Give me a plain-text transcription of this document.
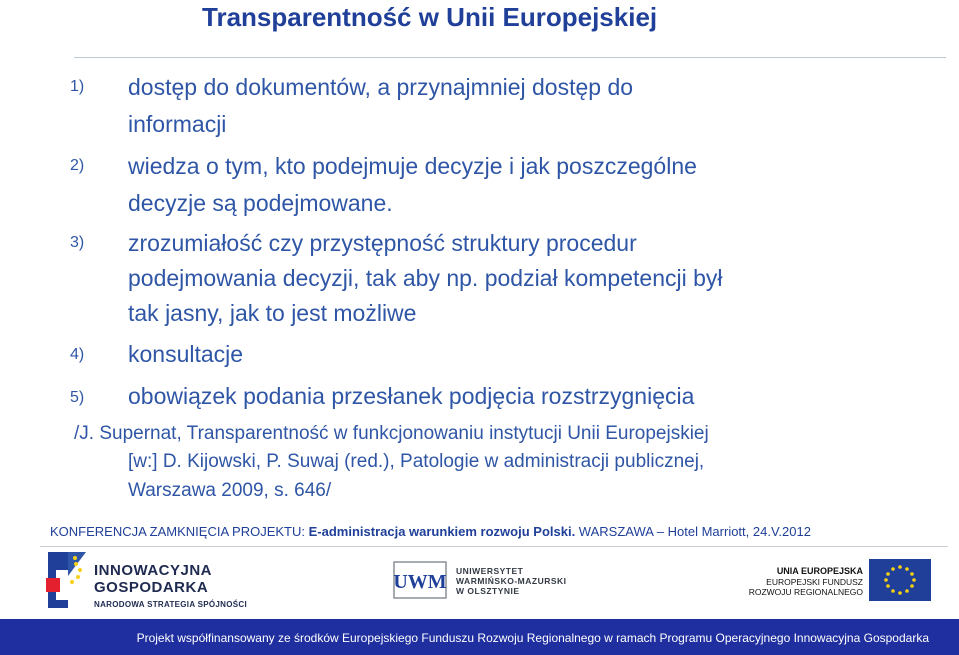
Transparentność w Unii Europejskiej
1) dostęp do dokumentów, a przynajmniej dostęp do
informacji
2) wiedza o tym, kto podejmuje decyzje i jak poszczególne
decyzje są podejmowane.
3) zrozumiałość czy przystępność struktury procedur
podejmowania decyzji, tak aby np. podział kompetencji był
tak jasny, jak to jest możliwe
4) konsultacje
5) obowiązek podania przesłanek podjęcia rozstrzygnięcia
/J. Supernat, Transparentność w funkcjonowaniu instytucji Unii Europejskiej
[w:] D. Kijowski, P. Suwaj (red.), Patologie w administracji publicznej,
Warszawa 2009, s. 646/
KONFERENCJA ZAMKNIĘCIA PROJEKTU: E-administracja warunkiem rozwoju Polski. WARSZAWA – Hotel Marriott, 24.V.2012
INNOWACYJNA
GOSPODARKA
NARODOWA STRATEGIA SPÓJNOŚCI
UWM UNIWERSYTET
WARMIŃSKO-MAZURSKI
W OLSZTYNIE
UNIA EUROPEJSKA
EUROPEJSKI FUNDUSZ
ROZWOJU REGIONALNEGO
Projekt współfinansowany ze środków Europejskiego Funduszu Rozwoju Regionalnego w ramach Programu Operacyjnego Innowacyjna Gospodarka
